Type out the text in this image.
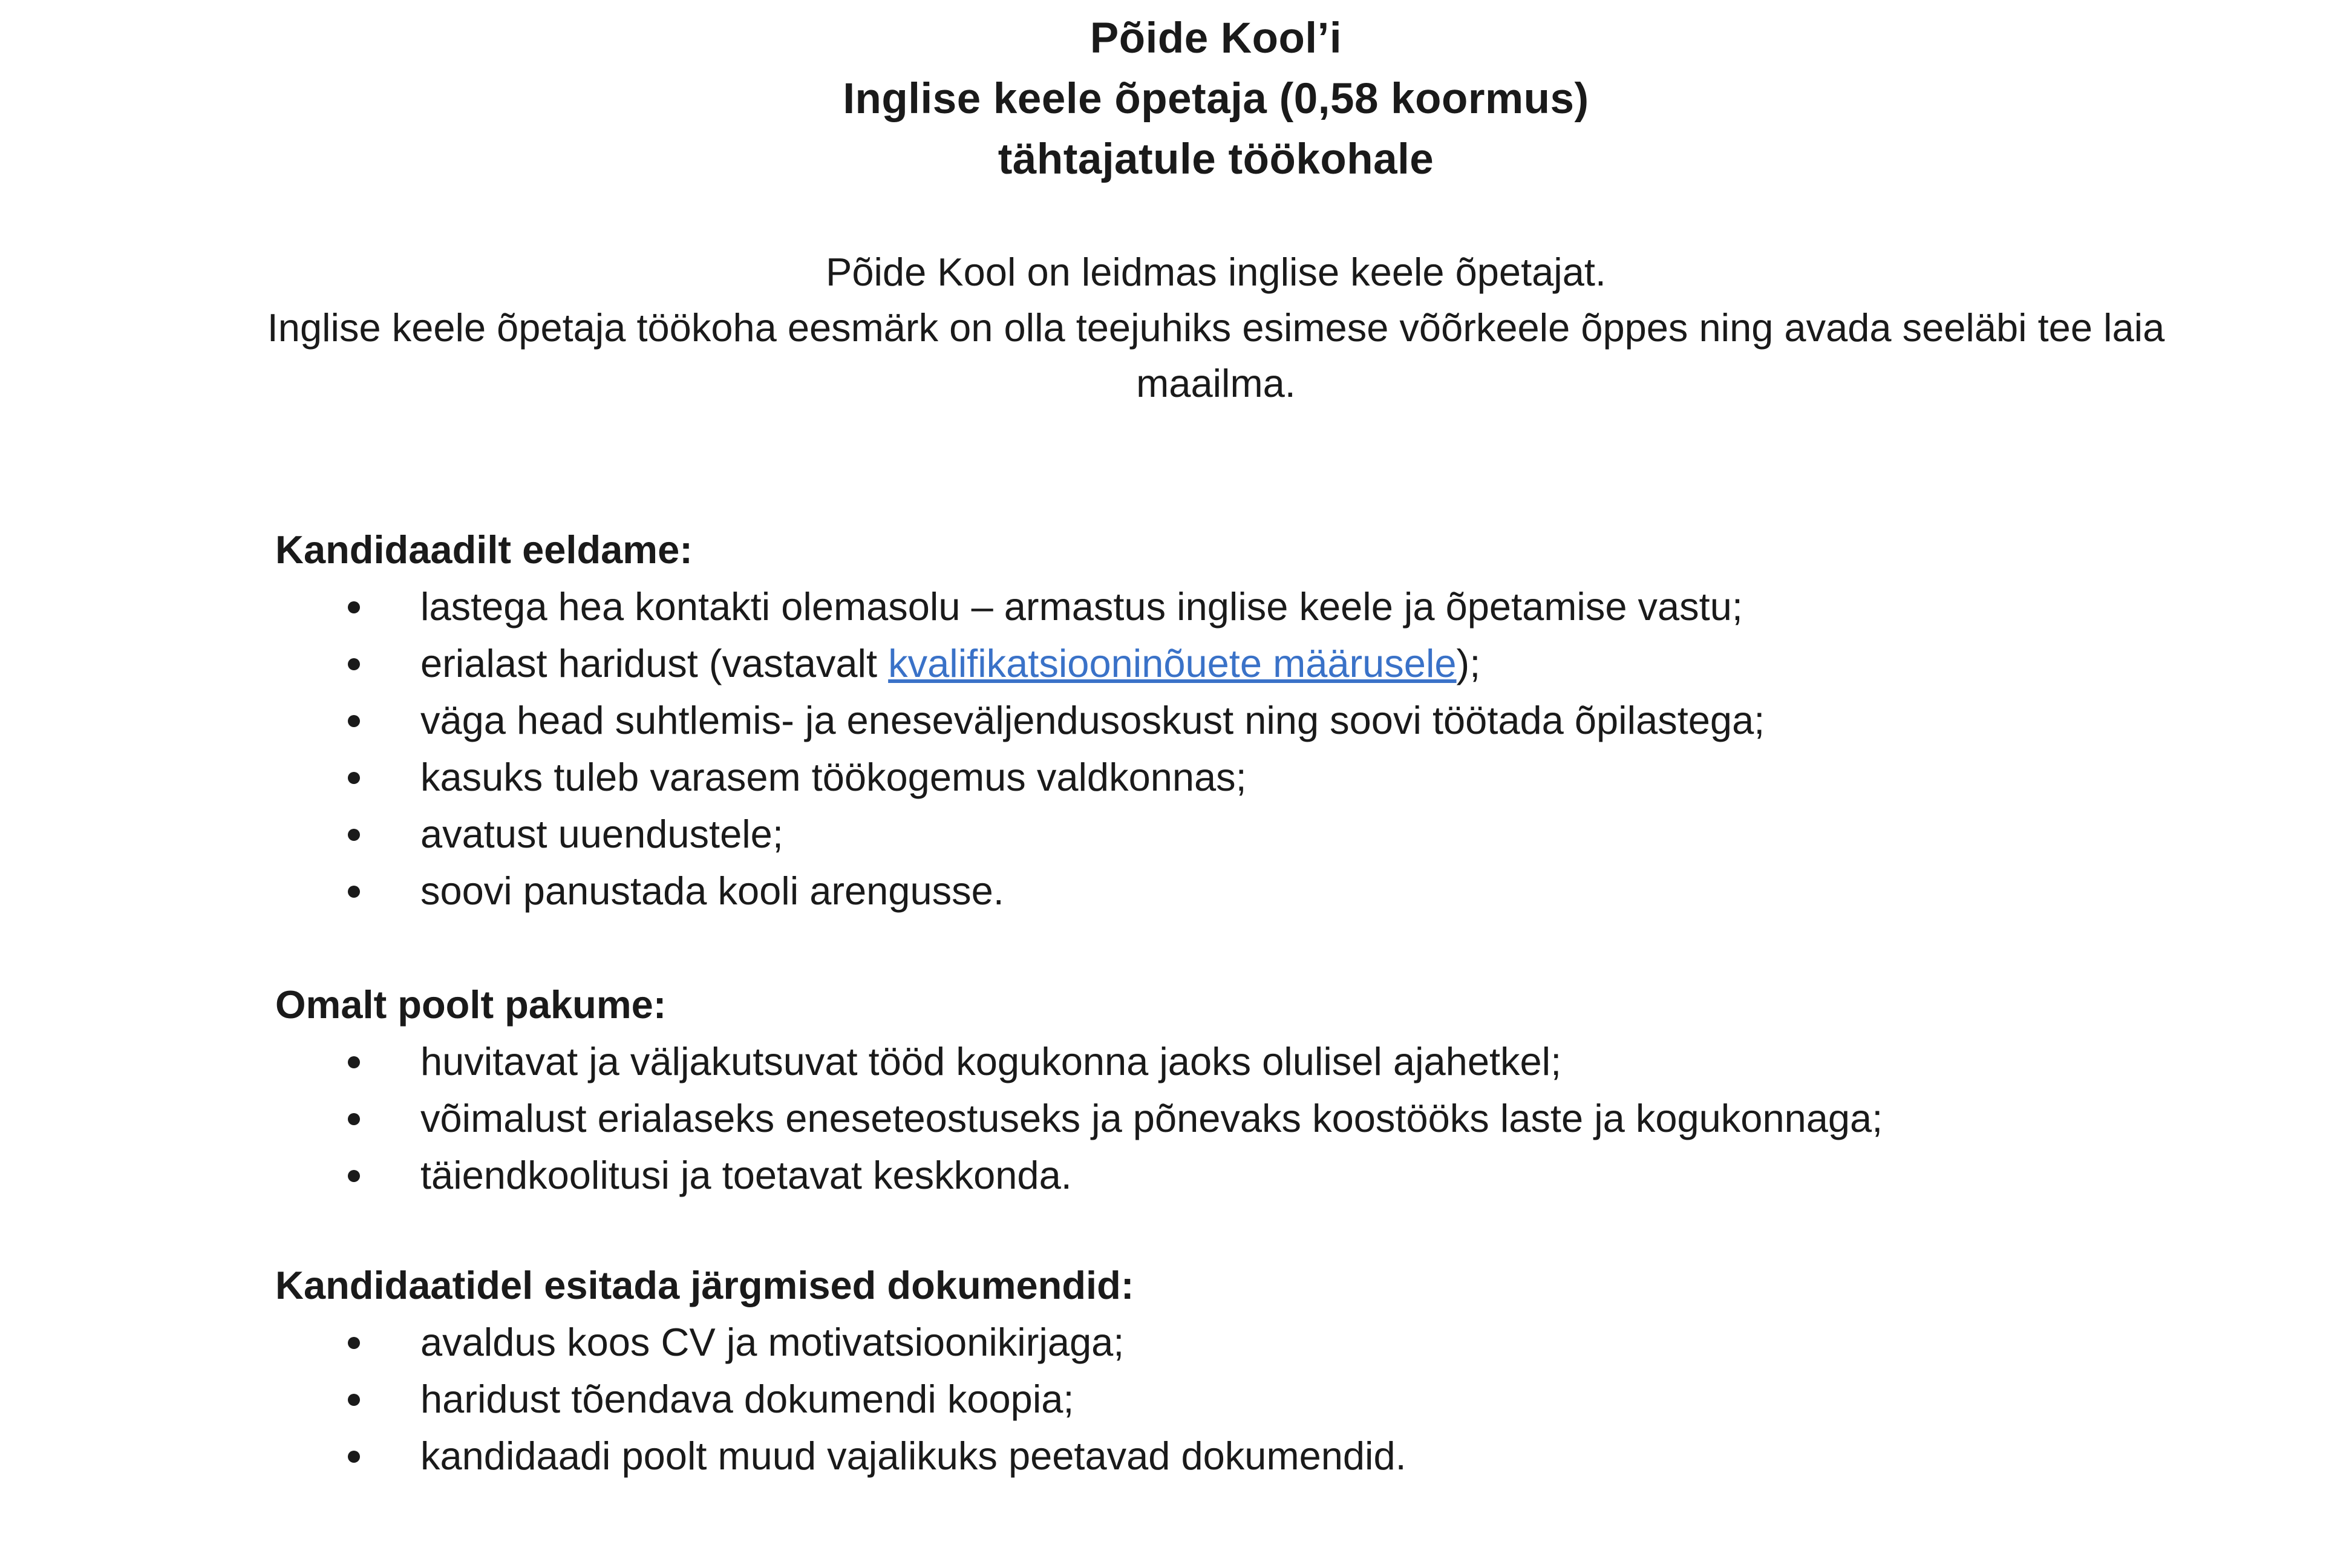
Põide Kool’i
Inglise keele õpetaja (0,58 koormus)
tähtajatule töökohale
Põide Kool on leidmas inglise keele õpetajat.
Inglise keele õpetaja töökoha eesmärk on olla teejuhiks esimese võõrkeele õppes ning avada seeläbi tee laia maailma.

Kandidaadilt eeldame:

lastega hea kontakti olemasolu – armastus inglise keele ja õpetamise vastu;
erialast haridust (vastavalt kvalifikatsiooninõuete määrusele);
väga head suhtlemis- ja eneseväljendusoskust ning soovi töötada õpilastega;
kasuks tuleb varasem töökogemus valdkonnas;
avatust uuendustele;
soovi panustada kooli arengusse.

Omalt poolt pakume:

huvitavat ja väljakutsuvat tööd kogukonna jaoks olulisel ajahetkel;
võimalust erialaseks eneseteostuseks ja põnevaks koostööks laste ja kogukonnaga;
täiendkoolitusi ja toetavat keskkonda.

Kandidaatidel esitada järgmised dokumendid:

avaldus koos CV ja motivatsioonikirjaga;
haridust tõendava dokumendi koopia;
kandidaadi poolt muud vajalikuks peetavad dokumendid.
